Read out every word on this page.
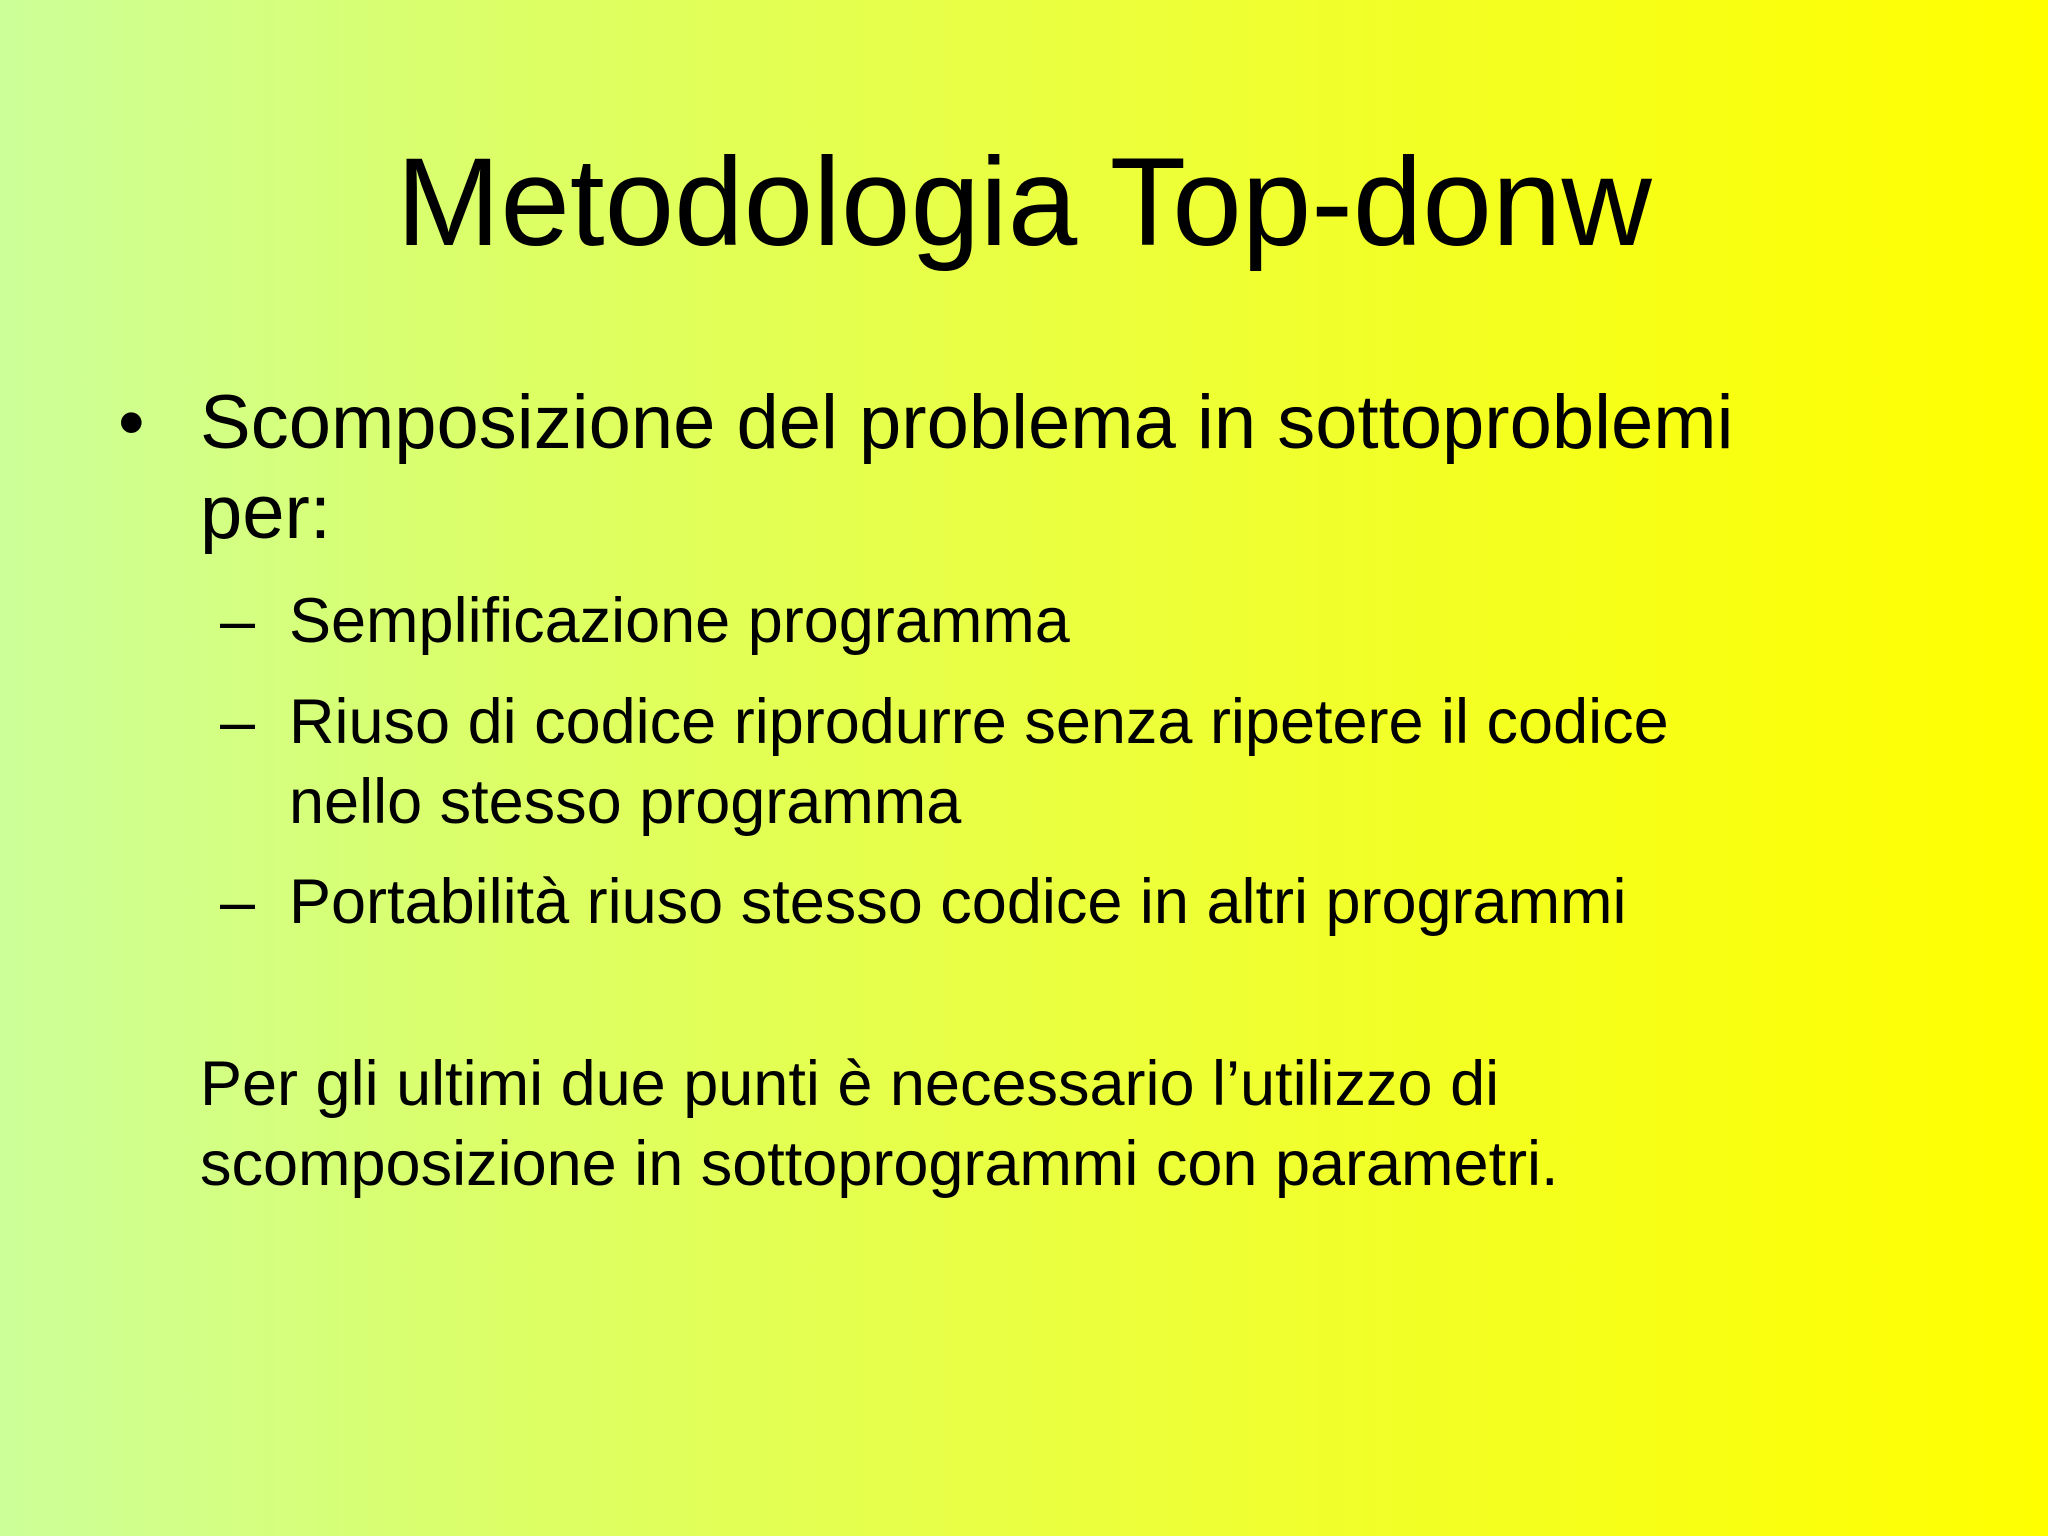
Metodologia Top-donw
• Scomposizione del problema in sottoproblemi
per:
– Semplificazione programma
– Riuso di codice riprodurre senza ripetere il codice
nello stesso programma
– Portabilità riuso stesso codice in altri programmi
Per gli ultimi due punti è necessario l’utilizzo di
scomposizione in sottoprogrammi con parametri.
